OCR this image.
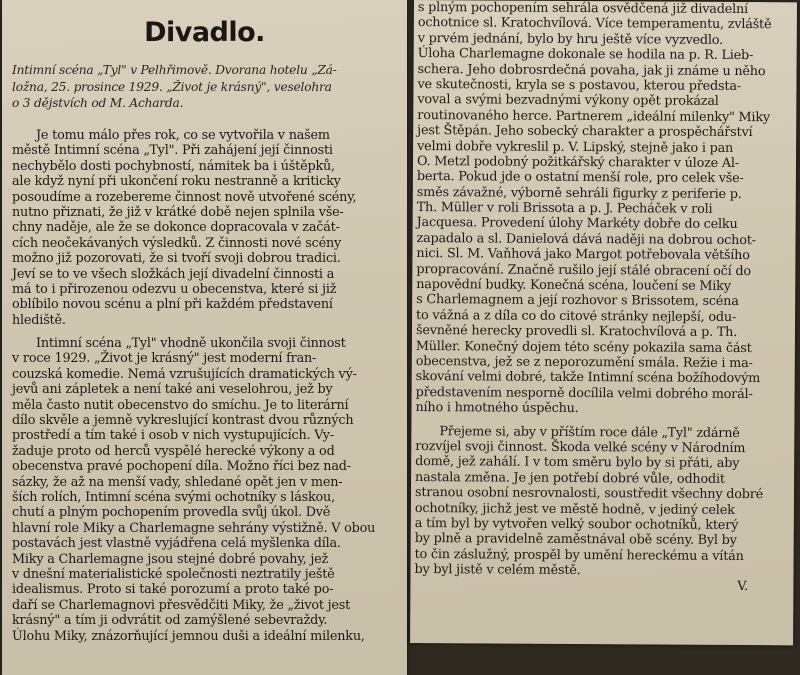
Divadlo.
Intimní scéna „Tyl" v Pelhřimově. Dvorana hotelu „Zá-
ložna, 25. prosince 1929. „Život je krásný", veselohra
o 3 dějstvích od M. Acharda.
Je tomu málo přes rok, co se vytvořila v našem
městě Intimní scéna „Tyl". Při zahájení její činnosti
nechybělo dosti pochybností, námitek ba i úštěpků,
ale když nyní při ukončení roku nestranně a kriticky
posoudíme a rozebereme činnost nově utvořené scény,
nutno přiznati, že již v krátké době nejen splnila vše-
chny naděje, ale že se dokonce dopracovala v začát-
cích neočekávaných výsledků. Z činnosti nové scény
možno již pozorovati, že si tvoří svoji dobrou tradici.
Jeví se to ve všech složkách její divadelní činnosti a
má to i přirozenou odezvu u obecenstva, které si již
oblíbilo novou scénu a plní při každém představení
hlediště.
Intimní scéna „Tyl" vhodně ukončila svoji činnost
v roce 1929. „Život je krásný" jest moderní fran-
couzská komedie. Nemá vzrušujících dramatických vý-
jevů ani zápletek a není také ani veselohrou, jež by
měla často nutit obecenstvo do smíchu. Je to literární
dílo skvěle a jemně vykreslující kontrast dvou různých
prostředí a tím také i osob v nich vystupujících. Vy-
žaduje proto od herců vyspělé herecké výkony a od
obecenstva pravé pochopení díla. Možno říci bez nad-
sázky, že až na menší vady, shledané opět jen v men-
ších rolích, Intimní scéna svými ochotníky s láskou,
chutí a plným pochopením provedla svůj úkol. Dvě
hlavní role Miky a Charlemagne sehrány výstižně. V obou
postavách jest vlastně vyjádřena celá myšlenka díla.
Miky a Charlemagne jsou stejné dobré povahy, jež
v dnešní materialistické společnosti neztratily ještě
idealismus. Proto si také porozumí a proto také po-
daří se Charlemagnovi přesvědčiti Miky, že „život jest
krásný" a tím ji odvrátit od zamýšlené sebevraždy.
Úlohu Miky, znázorňující jemnou duši a ideální milenku,
s plným pochopením sehrála osvědčená již divadelní
ochotnice sl. Kratochvílová. Více temperamentu, zvláště
v prvém jednání, bylo by hru ještě více vyzvedlo.
Úloha Charlemagne dokonale se hodila na p. R. Lieb-
schera. Jeho dobrosrdečná povaha, jak ji známe u něho
ve skutečnosti, kryla se s postavou, kterou předsta-
voval a svými bezvadnými výkony opět prokázal
routinovaného herce. Partnerem „ideální milenky" Miky
jest Štěpán. Jeho sobecký charakter a prospěchářství
velmi dobře vykreslil p. V. Lipský, stejně jako i pan
O. Metzl podobný požitkářský charakter v úloze Al-
berta. Pokud jde o ostatní menší role, pro celek vše-
směs závažné, výborně sehráli figurky z periferie p.
Th. Müller v roli Brissota a p. J. Pecháček v roli
Jacquesa. Provedení úlohy Markéty dobře do celku
zapadalo a sl. Danielová dává naději na dobrou ochot-
nici. Sl. M. Vaňhová jako Margot potřebovala většího
propracování. Značně rušilo její stálé obracení očí do
napovědní budky. Konečná scéna, loučení se Miky
s Charlemagnem a její rozhovor s Brissotem, scéna
to vážná a z díla co do citové stránky nejlepší, odu-
ševněné herecky provedli sl. Kratochvílová a p. Th.
Müller. Konečný dojem této scény pokazila sama část
obecenstva, jež se z neporozumění smála. Režie i ma-
skování velmi dobré, takže Intimní scéna božíhodovým
představením nesporně docílila velmi dobrého morál-
ního i hmotného úspěchu.
Přejeme si, aby v příštím roce dále „Tyl" zdárně
rozvíjel svoji činnost. Škoda velké scény v Národním
domě, jež zahálí. I v tom směru bylo by si přáti, aby
nastala změna. Je jen potřebí dobré vůle, odhodit
stranou osobní nesrovnalosti, soustředit všechny dobré
ochotníky, jichž jest ve městě hodně, v jediný celek
a tím byl by vytvořen velký soubor ochotníků, který
by plně a pravidelně zaměstnával obě scény. Byl by
to čin záslužný, prospěl by umění hereckému a vítán
by byl jistě v celém městě.
V.
